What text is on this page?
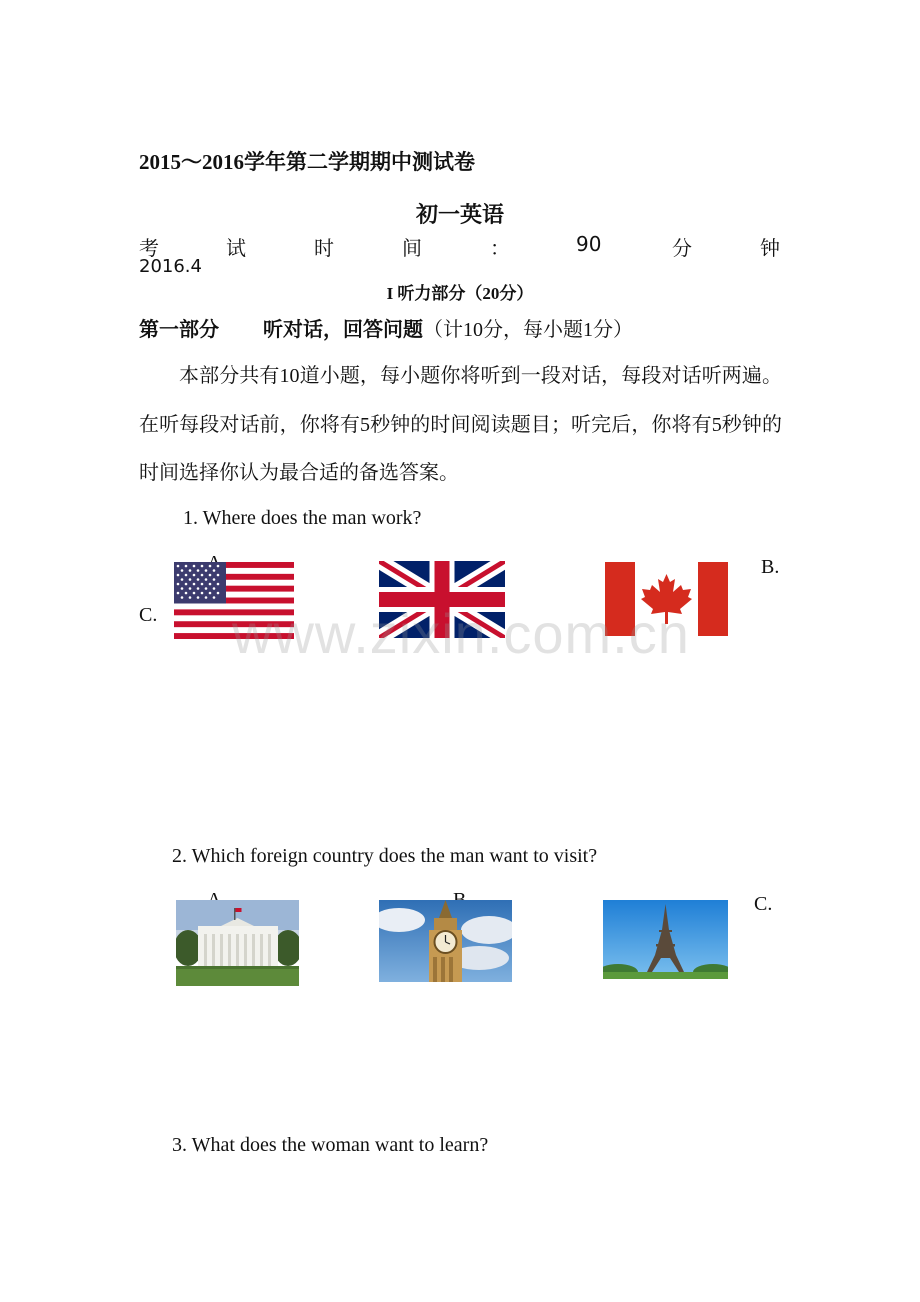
2015～2016学年第二学期期中测试卷
初一英语
考	试	时	间	：	90	分	钟
2016.4
I 听力部分（20分）
第一部分 听对话，回答问题（计10分，每小题1分）
本部分共有10道小题，每小题你将听到一段对话，每段对话听两遍。在听每段对话前，你将有5秒钟的时间阅读题目；听完后，你将有5秒钟的时间选择你认为最合适的备选答案。
1. Where does the man work?
B.
C.
2. Which foreign country does the man want to visit?
C.
3. What does the woman want to learn?
www.zixin.com.cn
